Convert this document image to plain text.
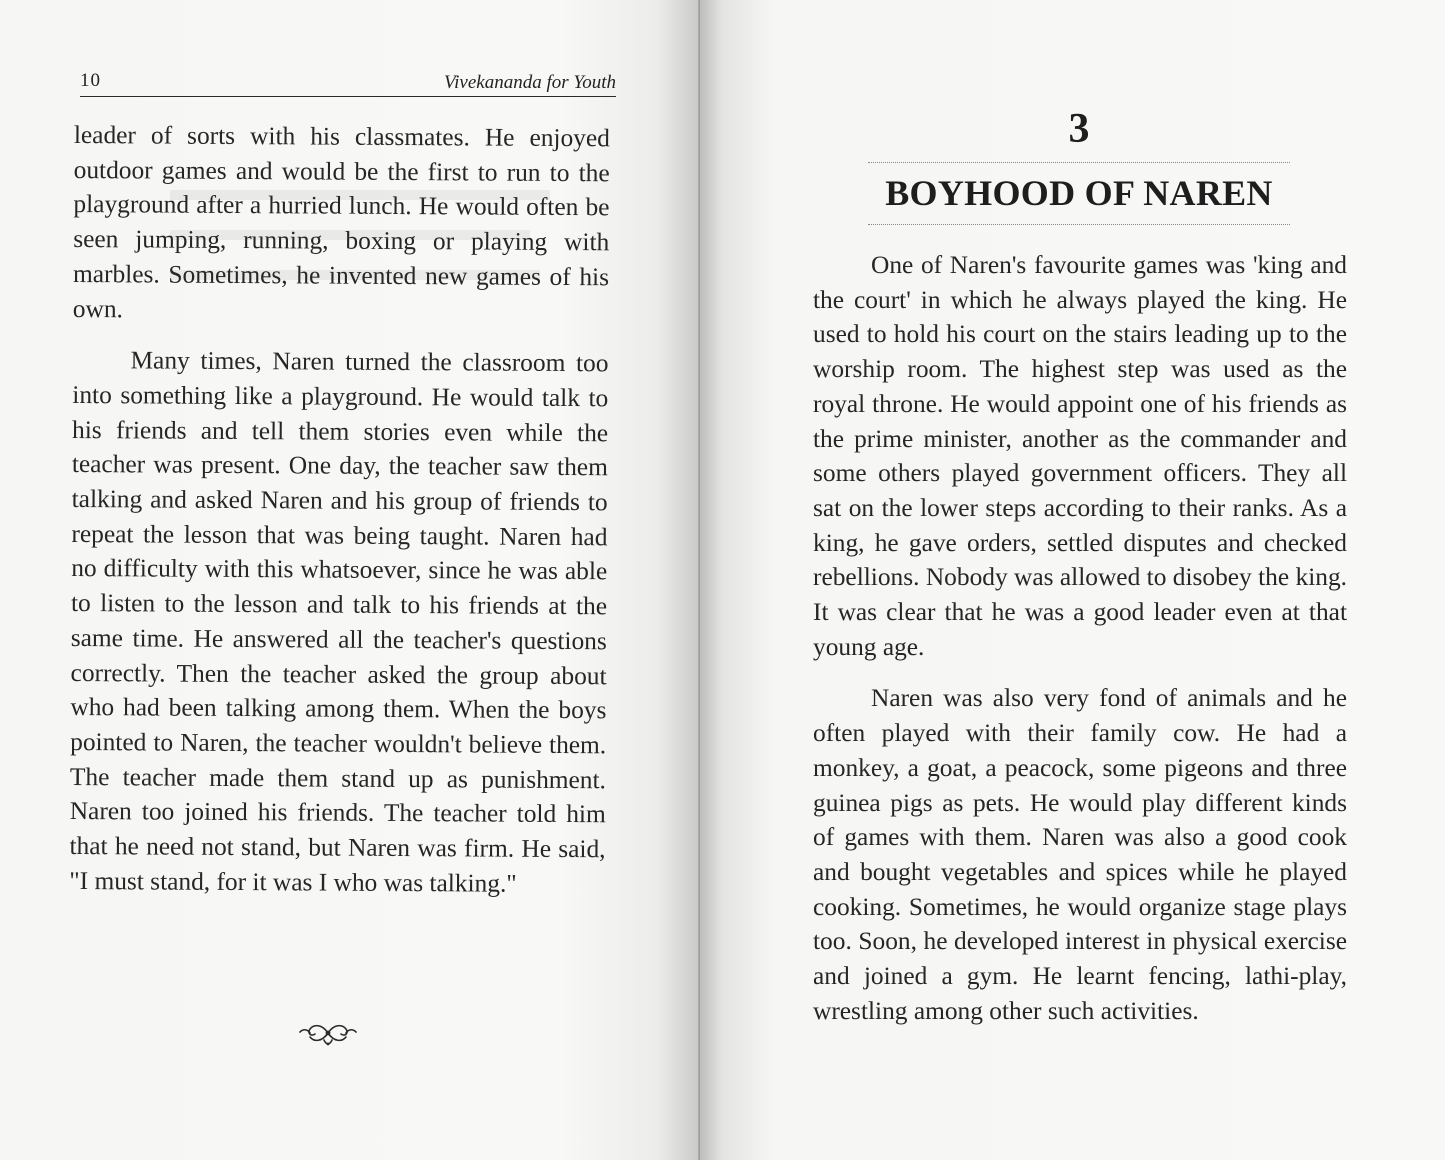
10	Vivekananda for Youth

leader of sorts with his classmates. He enjoyed outdoor games and would be the first to run to the playground after a hurried lunch. He would often be seen jumping, running, boxing or playing with marbles. Sometimes, he invented new games of his own.

Many times, Naren turned the classroom too into something like a playground. He would talk to his friends and tell them stories even while the teacher was present. One day, the teacher saw them talking and asked Naren and his group of friends to repeat the lesson that was being taught. Naren had no difficulty with this whatsoever, since he was able to listen to the lesson and talk to his friends at the same time. He answered all the teacher's questions correctly. Then the teacher asked the group about who had been talking among them. When the boys pointed to Naren, the teacher wouldn't believe them. The teacher made them stand up as punishment. Naren too joined his friends. The teacher told him that he need not stand, but Naren was firm. He said, "I must stand, for it was I who was talking."

3
BOYHOOD OF NAREN

One of Naren's favourite games was 'king and the court' in which he always played the king. He used to hold his court on the stairs leading up to the worship room. The highest step was used as the royal throne. He would appoint one of his friends as the prime minister, another as the commander and some others played government officers. They all sat on the lower steps according to their ranks. As a king, he gave orders, settled disputes and checked rebellions. Nobody was allowed to disobey the king. It was clear that he was a good leader even at that young age.

Naren was also very fond of animals and he often played with their family cow. He had a monkey, a goat, a peacock, some pigeons and three guinea pigs as pets. He would play different kinds of games with them. Naren was also a good cook and bought vegetables and spices while he played cooking. Sometimes, he would organize stage plays too. Soon, he developed interest in physical exercise and joined a gym. He learnt fencing, lathi-play, wrestling among other such activities.
